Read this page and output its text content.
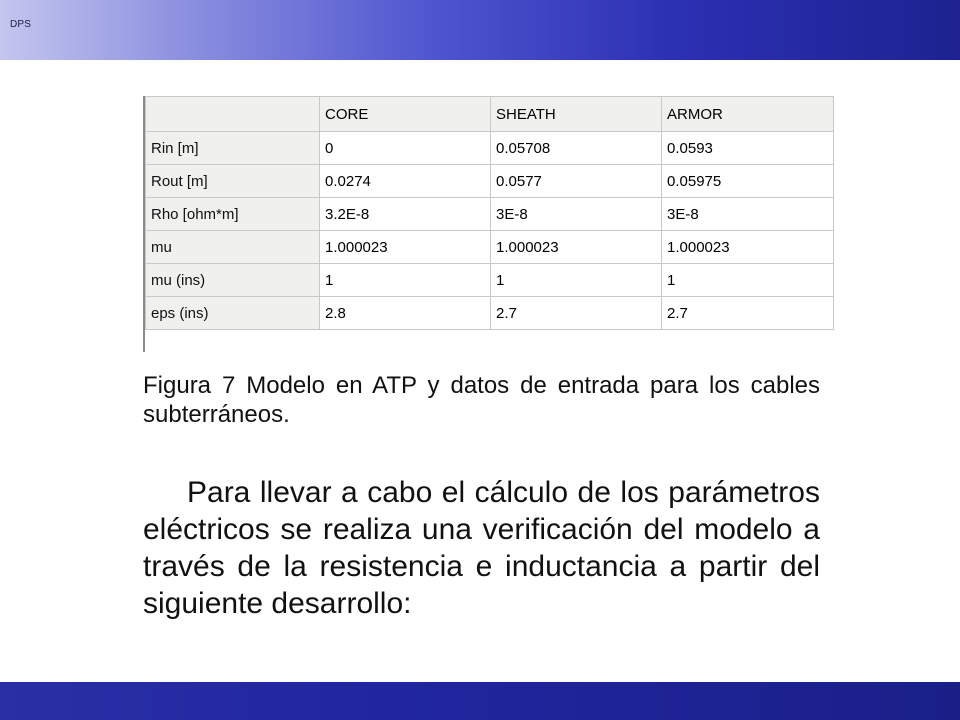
DPS
	CORE	SHEATH	ARMOR
Rin [m]	0	0.05708	0.0593
Rout [m]	0.0274	0.0577	0.05975
Rho [ohm*m]	3.2E-8	3E-8	3E-8
mu	1.000023	1.000023	1.000023
mu (ins)	1	1	1
eps (ins)	2.8	2.7	2.7
Figura 7 Modelo en ATP y datos de entrada para los cables subterráneos.
Para llevar a cabo el cálculo de los parámetros eléctricos se realiza una verificación del modelo a través de la resistencia e inductancia a partir del siguiente desarrollo:
